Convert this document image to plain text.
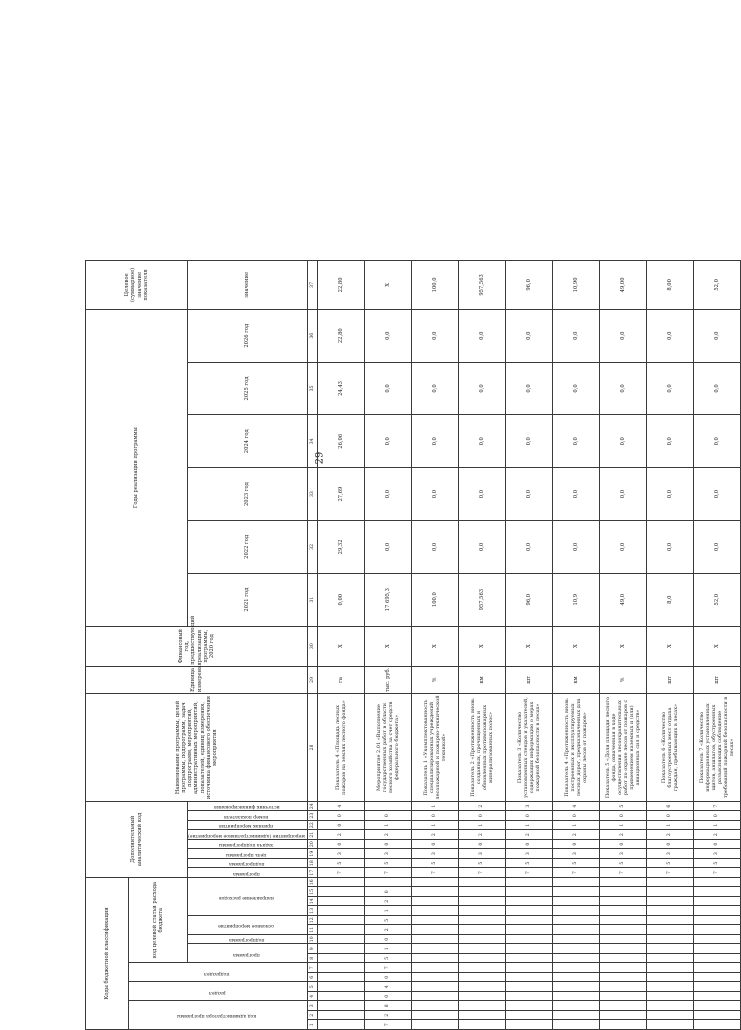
29
Коды бюджетной классификации																Дополнительный аналитический код								Наименование программы, целей программы, подпрограмм, задач подпрограмм, мероприятий, административных мероприятий, показателей, единиц измерения, источника финансового обеспечения мероприятия	Единица измерения	Финансовый год, предшествующий реализации программы, 2020 год	Годы реализации программы						Целевое (суммарное) значение показателя
код администратора программы			раздел		подраздел		код целевой статьи расхода бюджета																										
							программа		подпрограмма	основное мероприятие		направление расходов				программа	подпрограмма	цель программы	задача подпрограммы	мероприятие (административное мероприятие)	признак мероприятия	номер показателя	источник финансирования				2021 год	2022 год	2023 год	2024 год	2025 год	2026 год	значение
1	2	3	4	5	6	7	8	9	10	11	12	13	14	15	16	17	18	19	20	21	22	23	24	28	29	30	31	32	33	34	35	36	37
																7	5	3	0	2	0	0	4	Показатель 4 «Площадь лесных пожаров на землях лесного фонда»	га	X	0,00	29,32	27,69	26,06	24,43	22,80	22,80
7	2	8	0	4	0	7	5	1	0	2	5	1	2	0		7	5	3	0	2	1	0		Мероприятие 2.01 «Выполнение государственных работ в области лесного хозяйства за счет средств федерального бюджета»	тыс. руб.	X	17 695,3	0,0	0,0	0,0	0,0	0,0	X
																7	5	3	0	2	1	0	1	Показатель 1 «Укомплектованность специализированных учреждений лесопожарной и пожарно-технической техникой»	%	X	100,0	0,0	0,0	0,0	0,0	0,0	100,0
																7	5	3	0	2	1	0	2	Показатель 2 «Протяженность вновь созданных, прочищенных и обновленных противопожарных минерализованных полос»	км	X	957,563	0,0	0,0	0,0	0,0	0,0	957,563
																7	5	3	0	2	1	0	3	Показатель 3 «Количество установленных стендов и указателей, содержащих информацию о мерах пожарной безопасности в лесах»	шт	X	96,0	0,0	0,0	0,0	0,0	0,0	96,0
																7	5	3	0	2	1	0	4	Показатель 4 «Протяженность вновь построенных и эксплуатируемых лесных дорог, предназначенных для охраны лесов от пожаров»	км	X	10,9	0,0	0,0	0,0	0,0	0,0	10,90
																7	5	3	0	2	1	0	5	Показатель 5 «Доля площади лесного фонда, охваченная в ходе осуществления лесоохранительных работ по охране лесов от пожаров с применением наземных и (или) авиационных сил и средств»	%	X	49,0	0,0	0,0	0,0	0,0	0,0	49,00
																7	5	3	0	2	1	0	6	Показатель 6 «Количество благоустроенных мест отдыха граждан, пребывающих в лесах»	шт	X	8,0	0,0	0,0	0,0	0,0	0,0	8,00
																7	5	3	0	2	1	0	7	Показатель 7 «Количество информационных установленных щитов, аншлагов, обустроенных разъясняющих соблюдение требований пожарной безопасности в лесах»	шт	X	52,0	0,0	0,0	0,0	0,0	0,0	52,0
